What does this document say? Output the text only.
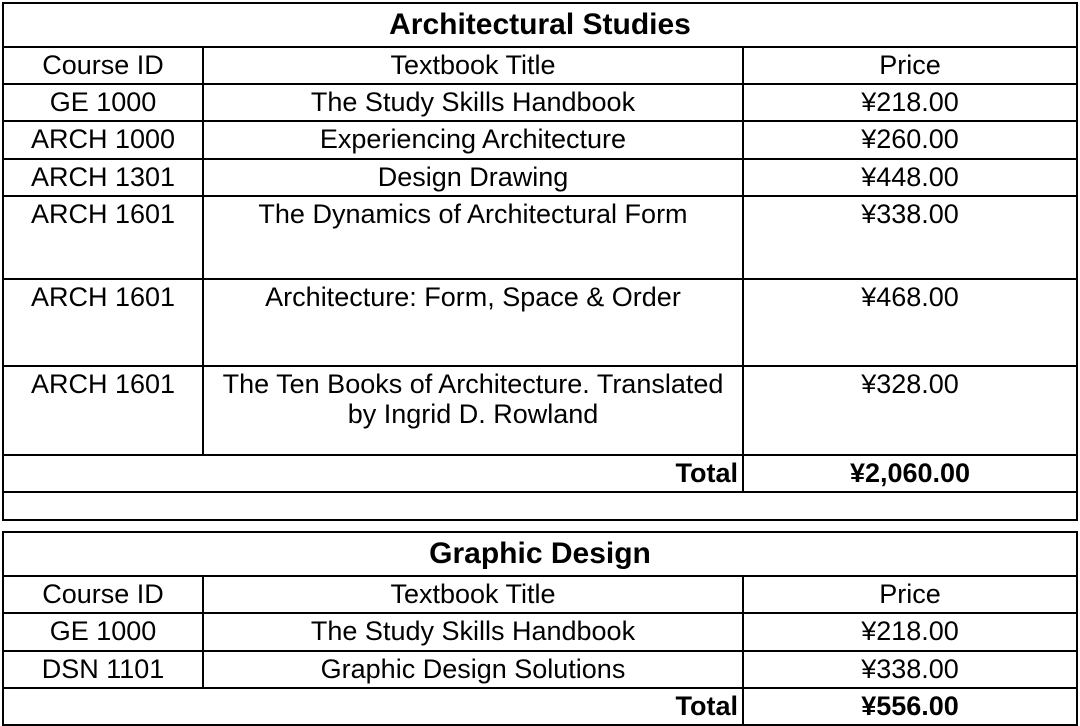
Architectural Studies		
Course ID	Textbook Title	Price
GE 1000	The Study Skills Handbook	¥218.00
ARCH 1000	Experiencing Architecture	¥260.00
ARCH 1301	Design Drawing	¥448.00
ARCH 1601	The Dynamics of Architectural Form	¥338.00
ARCH 1601	Architecture: Form, Space & Order	¥468.00
ARCH 1601	The Ten Books of Architecture. Translated by Ingrid D. Rowland	¥328.00
Total		¥2,060.00

Graphic Design		
Course ID	Textbook Title	Price
GE 1000	The Study Skills Handbook	¥218.00
DSN 1101	Graphic Design Solutions	¥338.00
Total		¥556.00
